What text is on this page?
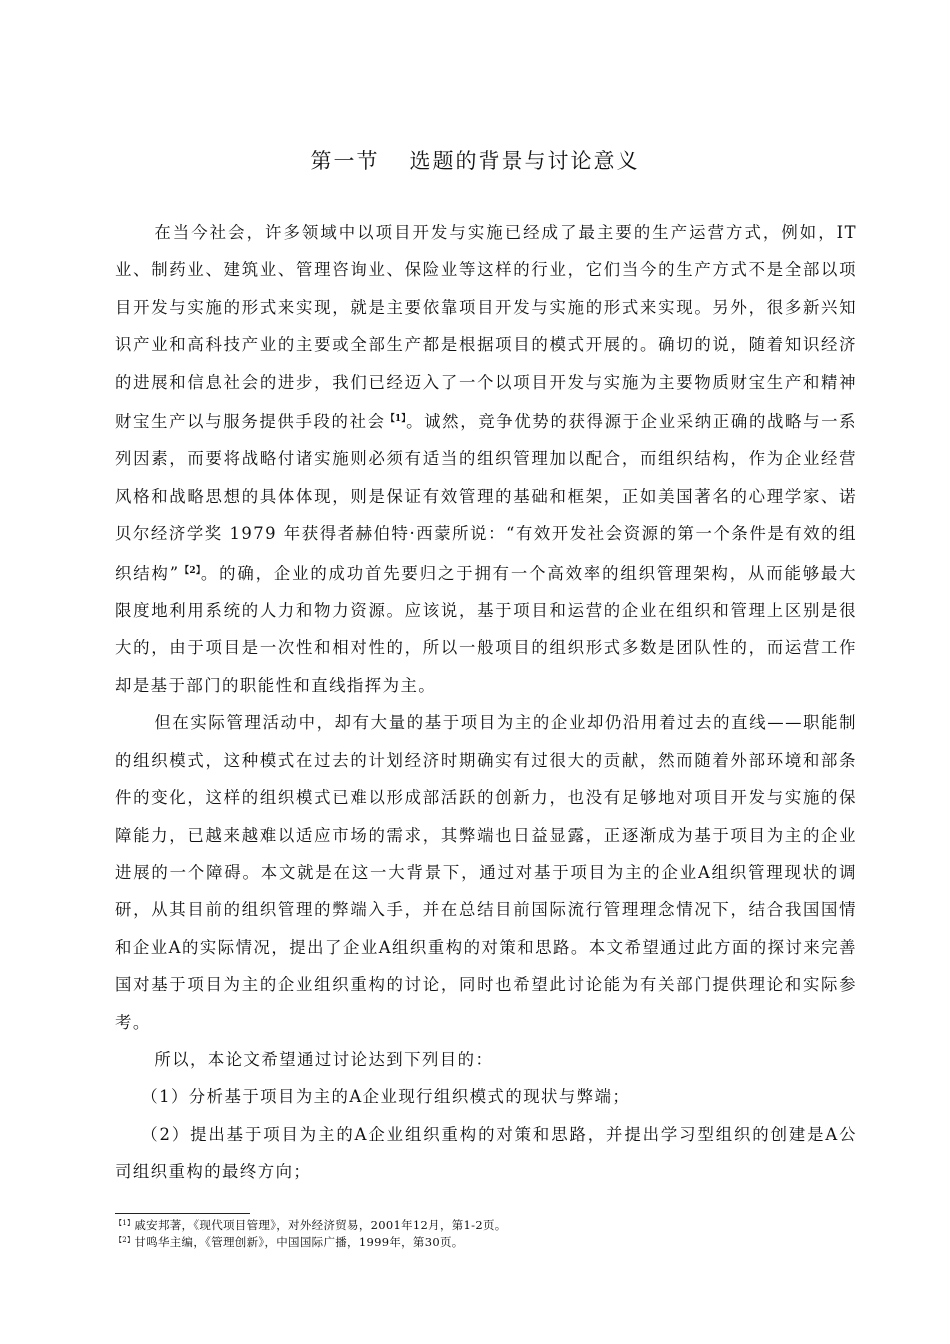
第一节 选题的背景与讨论意义

在当今社会，许多领域中以项目开发与实施已经成了最主要的生产运营方式，例如，IT业、制药业、建筑业、管理咨询业、保险业等这样的行业，它们当今的生产方式不是全部以项目开发与实施的形式来实现，就是主要依靠项目开发与实施的形式来实现。另外，很多新兴知识产业和高科技产业的主要或全部生产都是根据项目的模式开展的。确切的说，随着知识经济的进展和信息社会的进步，我们已经迈入了一个以项目开发与实施为主要物质财宝生产和精神财宝生产以与服务提供手段的社会$^{【1】}$。诚然，竞争优势的获得源于企业采纳正确的战略与一系列因素，而要将战略付诸实施则必须有适当的组织管理加以配合，而组织结构，作为企业经营风格和战略思想的具体体现，则是保证有效管理的基础和框架，正如美国著名的心理学家、诺贝尔经济学奖 1979 年获得者赫伯特·西蒙所说：“有效开发社会资源的第一个条件是有效的组织结构”$^{【2】}$。的确，企业的成功首先要归之于拥有一个高效率的组织管理架构，从而能够最大限度地利用系统的人力和物力资源。应该说，基于项目和运营的企业在组织和管理上区别是很大的，由于项目是一次性和相对性的，所以一般项目的组织形式多数是团队性的，而运营工作却是基于部门的职能性和直线指挥为主。

但在实际管理活动中，却有大量的基于项目为主的企业却仍沿用着过去的直线——职能制的组织模式，这种模式在过去的计划经济时期确实有过很大的贡献，然而随着外部环境和部条件的变化，这样的组织模式已难以形成部活跃的创新力，也没有足够地对项目开发与实施的保障能力，已越来越难以适应市场的需求，其弊端也日益显露，正逐渐成为基于项目为主的企业进展的一个障碍。本文就是在这一大背景下，通过对基于项目为主的企业A组织管理现状的调研，从其目前的组织管理的弊端入手，并在总结目前国际流行管理理念情况下，结合我国国情和企业A的实际情况，提出了企业A组织重构的对策和思路。本文希望通过此方面的探讨来完善国对基于项目为主的企业组织重构的讨论，同时也希望此讨论能为有关部门提供理论和实际参考。

所以，本论文希望通过讨论达到下列目的：

（1）分析基于项目为主的A企业现行组织模式的现状与弊端；

（2）提出基于项目为主的A企业组织重构的对策和思路，并提出学习型组织的创建是A公司组织重构的最终方向；

$^{【1】}$戚安邦著，《现代项目管理》，对外经济贸易，2001年12月，第1-2页。

$^{【2】}$甘鸣华主编，《管理创新》，中国国际广播，1999年，第30页。
